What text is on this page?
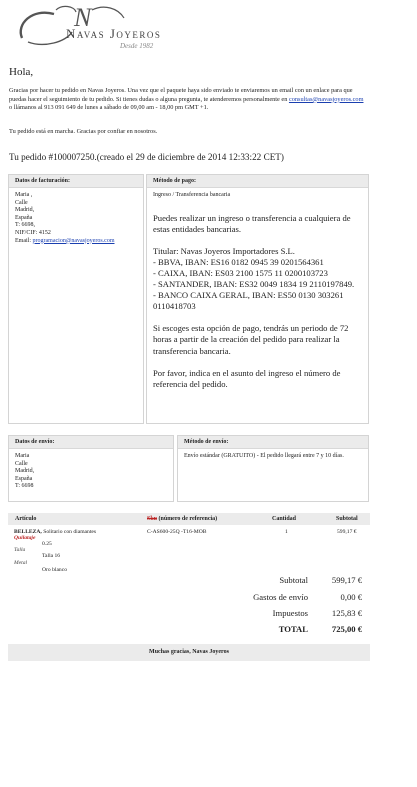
N
Navas Joyeros
Desde 1982
Hola,
Gracias por hacer tu pedido en Navas Joyeros. Una vez que el paquete haya sido enviado te enviaremos un email con un enlace para que puedas hacer el seguimiento de tu pedido. Si tienes dudas o alguna pregunta, te atenderemos personalmente en consultas@navasjoyeros.com o llámanos al 913 091 649 de lunes a sábado de 09,00 am - 18,00 pm GMT +1.
Tu pedido está en marcha. Gracias por confiar en nosotros.
Tu pedido #100007250.(creado el 29 de diciembre de 2014 12:33:22 CET)
Datos de facturación:
Maria ,
Calle
Madrid,
España
T: 6698,
NIF/CIF: 4152
Email: programacion@navasjoyeros.com
Método de pago:
Ingreso / Transferencia bancaria

Puedes realizar un ingreso o transferencia a cualquiera de estas entidades bancarias.

Titular: Navas Joyeros Importadores S.L.

- BBVA, IBAN: ES16 0182 0945 39 0201564361

- CAIXA, IBAN: ES03 2100 1575 11 0200103723

- SANTANDER, IBAN: ES32 0049 1834 19 2110197849.

- BANCO CAIXA GERAL, IBAN: ES50 0130 303261 0110418703

Si escoges esta opción de pago, tendrás un periodo de 72 horas a partir de la creación del pedido para realizar la transferencia bancaria.

Por favor, indica en el asunto del ingreso el número de referencia del pedido.

Datos de envío:
Maria
Calle
Madrid,
España
T: 6698
Método de envío:
Envío estándar (GRATUITO) - El pedido llegará entre 7 y 10 días.
Artículo	Sku (número de referencia)	Cantidad	Subtotal
BELLEZA, Solitario con diamantes	C-AS600-25Q -T16-MOB	1	599,17 €
Quilataje
0.25
Talla
Talla 16
Metal
Oro blanco
Subtotal	599,17 €
Gastos de envío	0,00 €
Impuestos	125,83 €
TOTAL	725,00 €
Muchas gracias, Navas Joyeros
